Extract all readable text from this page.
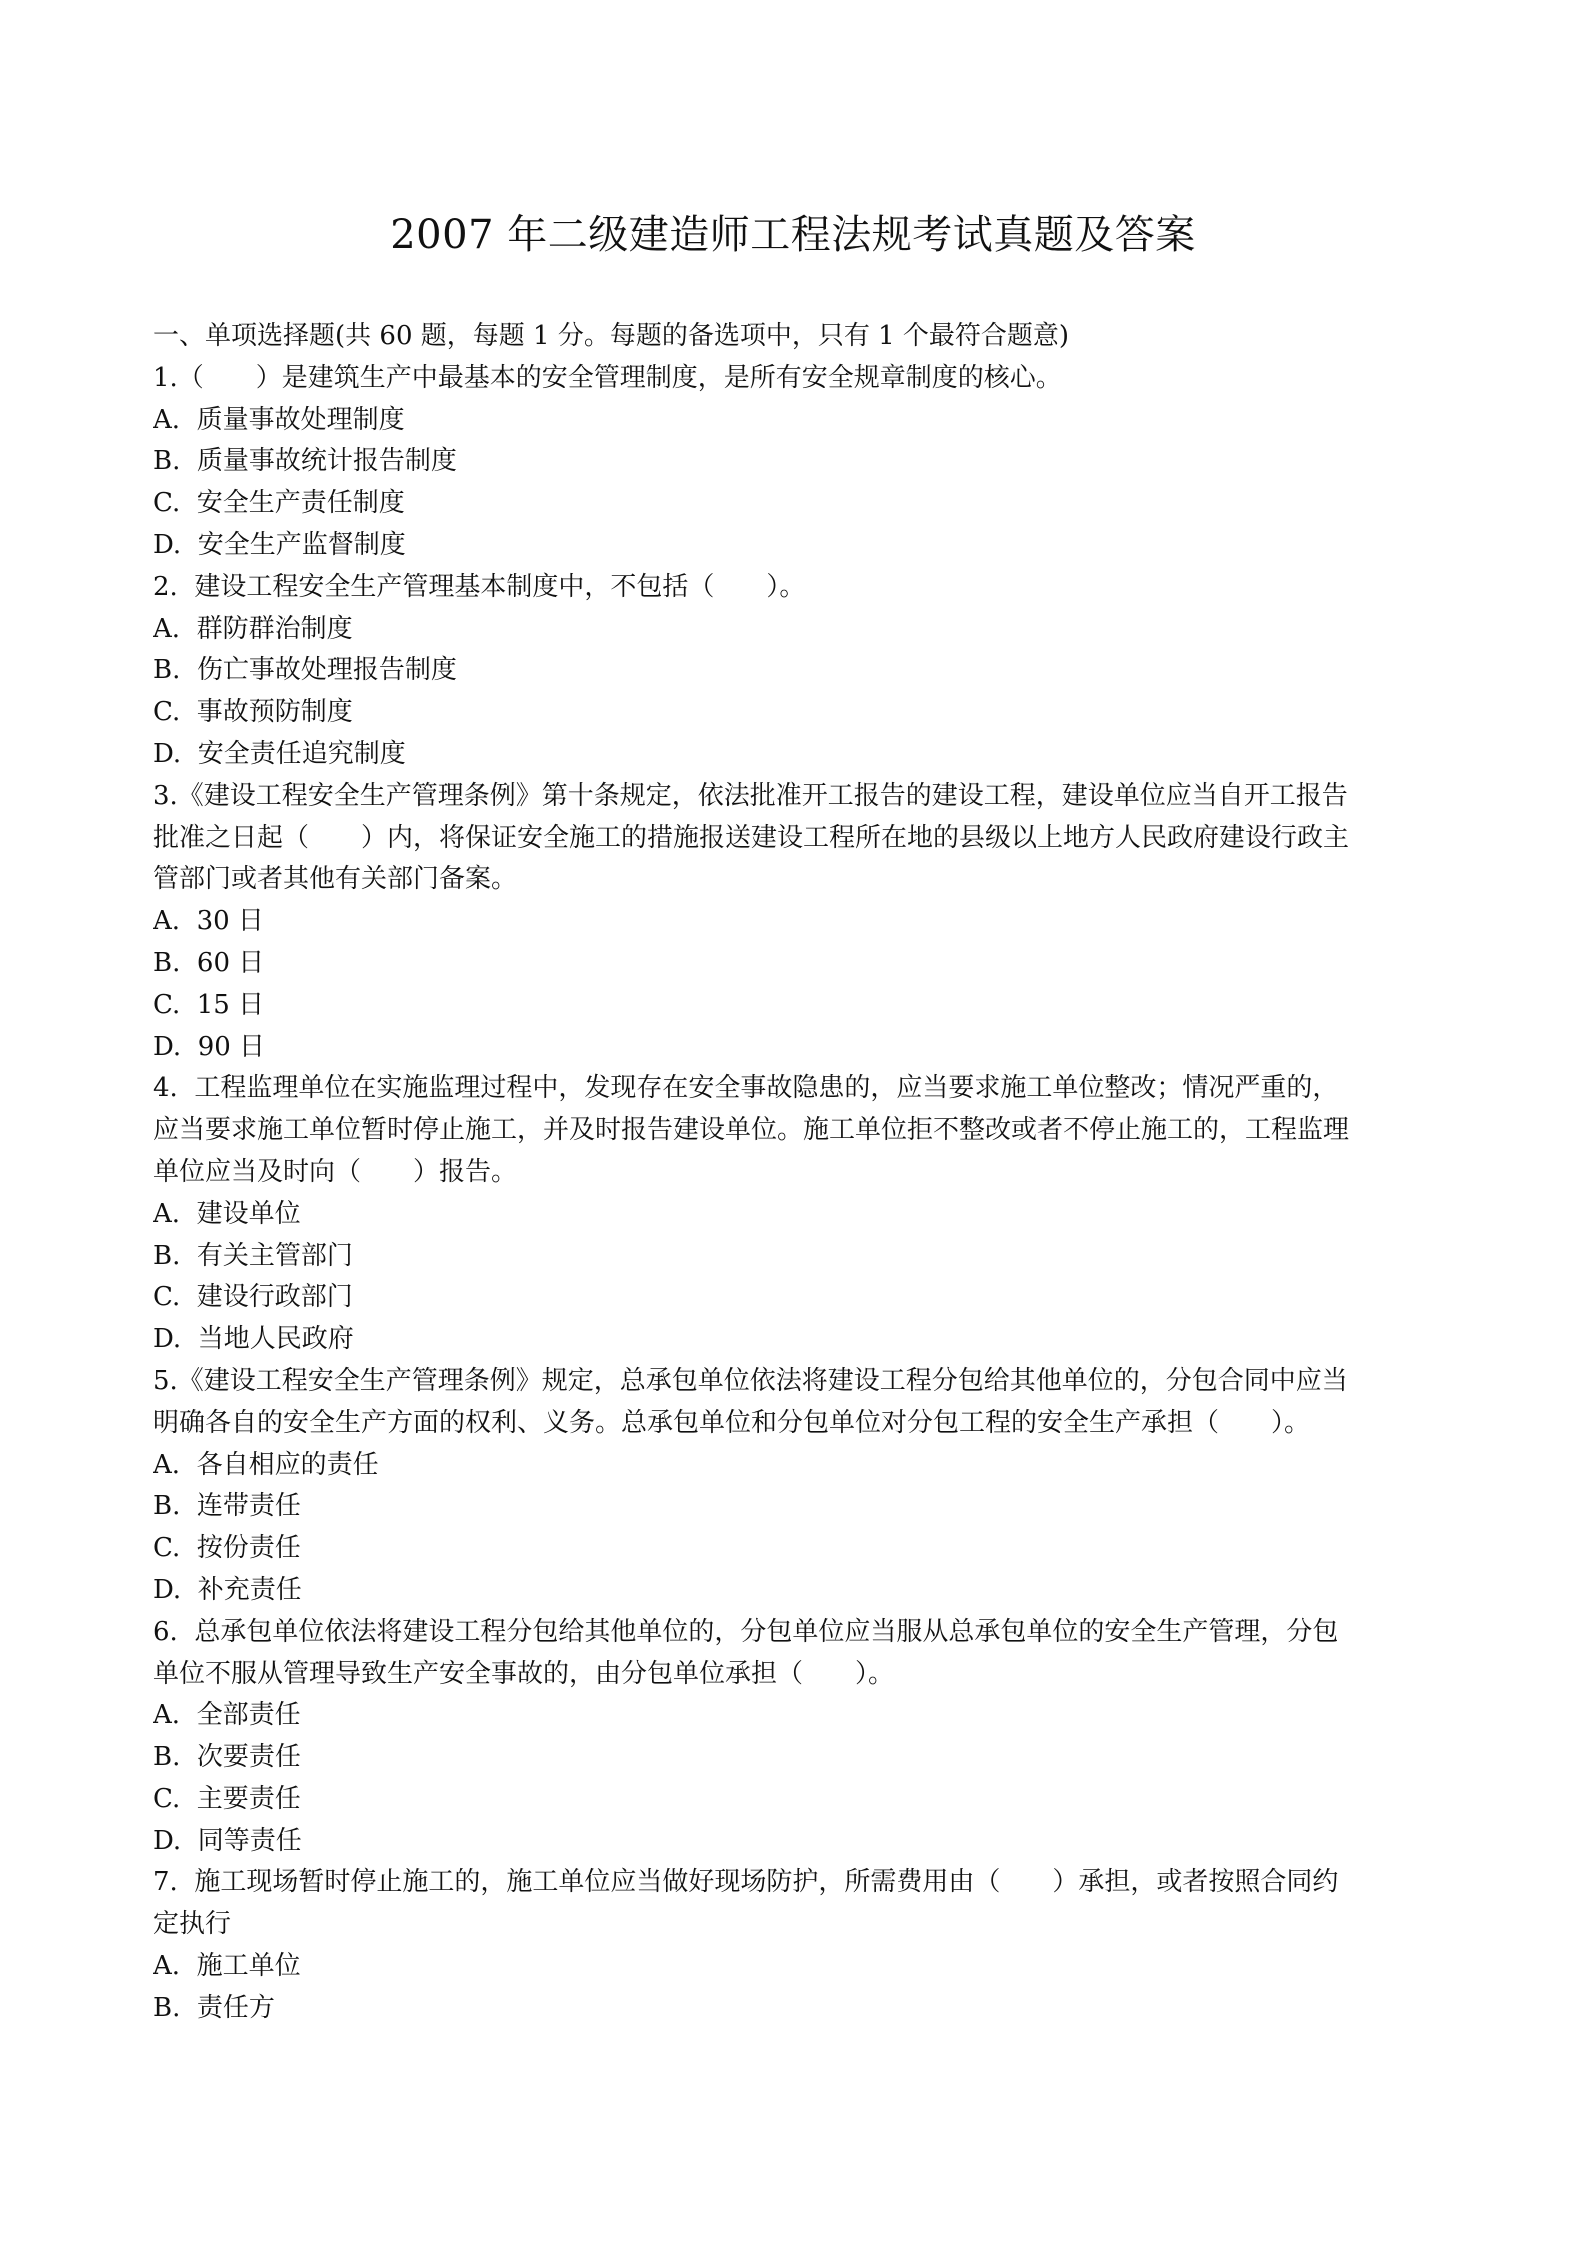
2007 年二级建造师工程法规考试真题及答案

一、单项选择题(共 60 题，每题 1 分。每题的备选项中，只有 1 个最符合题意)

1.（　　）是建筑生产中最基本的安全管理制度，是所有安全规章制度的核心。

A.  质量事故处理制度

B.  质量事故统计报告制度

C.  安全生产责任制度

D.  安全生产监督制度

2.  建设工程安全生产管理基本制度中，不包括（　　）。

A.  群防群治制度

B.  伤亡事故处理报告制度

C.  事故预防制度

D.  安全责任追究制度

3.《建设工程安全生产管理条例》第十条规定，依法批准开工报告的建设工程，建设单位应当自开工报告

批准之日起（　　）内，将保证安全施工的措施报送建设工程所在地的县级以上地方人民政府建设行政主

管部门或者其他有关部门备案。

A.  30 日

B.  60 日

C.  15 日

D.  90 日

4.  工程监理单位在实施监理过程中，发现存在安全事故隐患的，应当要求施工单位整改；情况严重的，

应当要求施工单位暂时停止施工，并及时报告建设单位。施工单位拒不整改或者不停止施工的，工程监理

单位应当及时向（　　）报告。

A.  建设单位

B.  有关主管部门

C.  建设行政部门

D.  当地人民政府

5.《建设工程安全生产管理条例》规定，总承包单位依法将建设工程分包给其他单位的，分包合同中应当

明确各自的安全生产方面的权利、义务。总承包单位和分包单位对分包工程的安全生产承担（　　）。

A.  各自相应的责任

B.  连带责任

C.  按份责任

D.  补充责任

6.  总承包单位依法将建设工程分包给其他单位的，分包单位应当服从总承包单位的安全生产管理，分包

单位不服从管理导致生产安全事故的，由分包单位承担（　　）。

A.  全部责任

B.  次要责任

C.  主要责任

D.  同等责任

7.  施工现场暂时停止施工的，施工单位应当做好现场防护，所需费用由（　　）承担，或者按照合同约

定执行

A.  施工单位

B.  责任方
